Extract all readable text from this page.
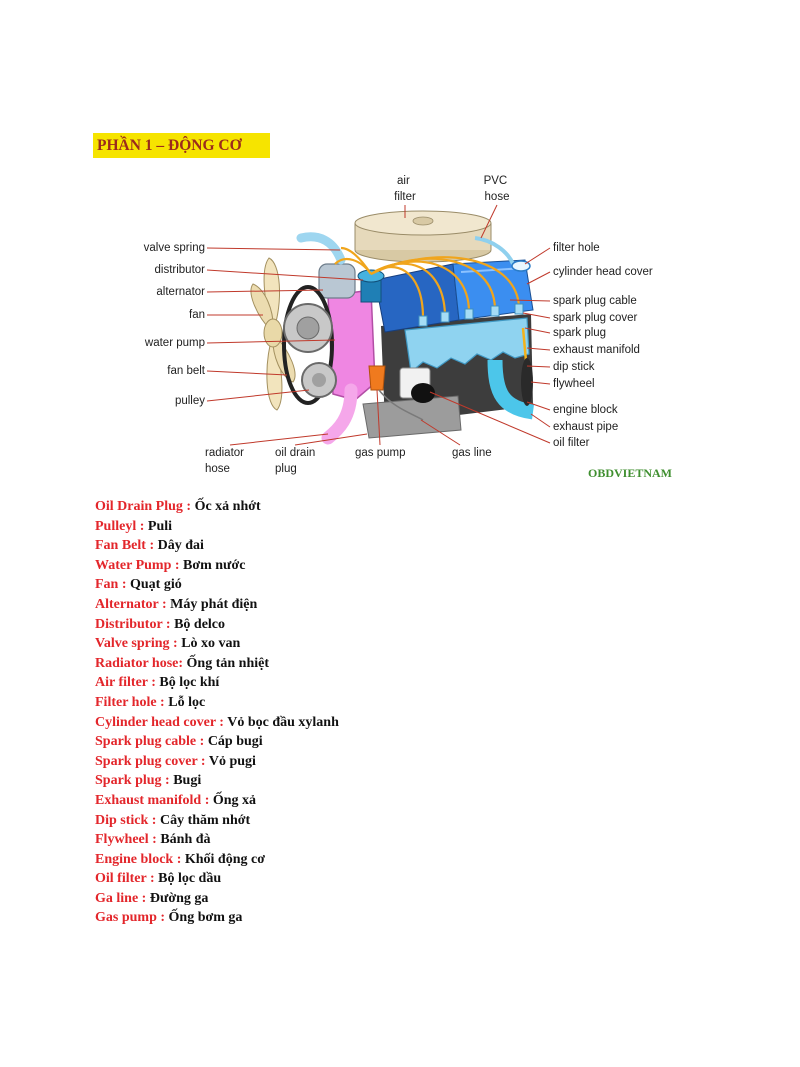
PHẦN 1 – ĐỘNG CƠ
air filter
PVC hose
valve spring
distributor
alternator
fan
water pump
fan belt
pulley
filter hole
cylinder head cover
spark plug cable
spark plug cover
spark plug
exhaust manifold
dip stick
flywheel
engine block
exhaust pipe
oil filter
radiator hose
oil drain plug
gas pump	gas line
OBDVIETNAM
Oil Drain Plug : Ốc xả nhớt
Pulleyl : Puli
Fan Belt : Dây đai
Water Pump : Bơm nước
Fan : Quạt gió
Alternator : Máy phát điện
Distributor : Bộ delco
Valve spring : Lò xo van
Radiator hose: Ống tản nhiệt
Air filter : Bộ lọc khí
Filter hole : Lỗ lọc
Cylinder head cover : Vỏ bọc đầu xylanh
Spark plug cable : Cáp bugi
Spark plug cover : Vỏ pugi
Spark plug : Bugi
Exhaust manifold : Ống xả
Dip stick : Cây thăm nhớt
Flywheel : Bánh đà
Engine block : Khối động cơ
Oil filter : Bộ lọc dầu
Ga line : Đường ga
Gas pump : Ống bơm ga
